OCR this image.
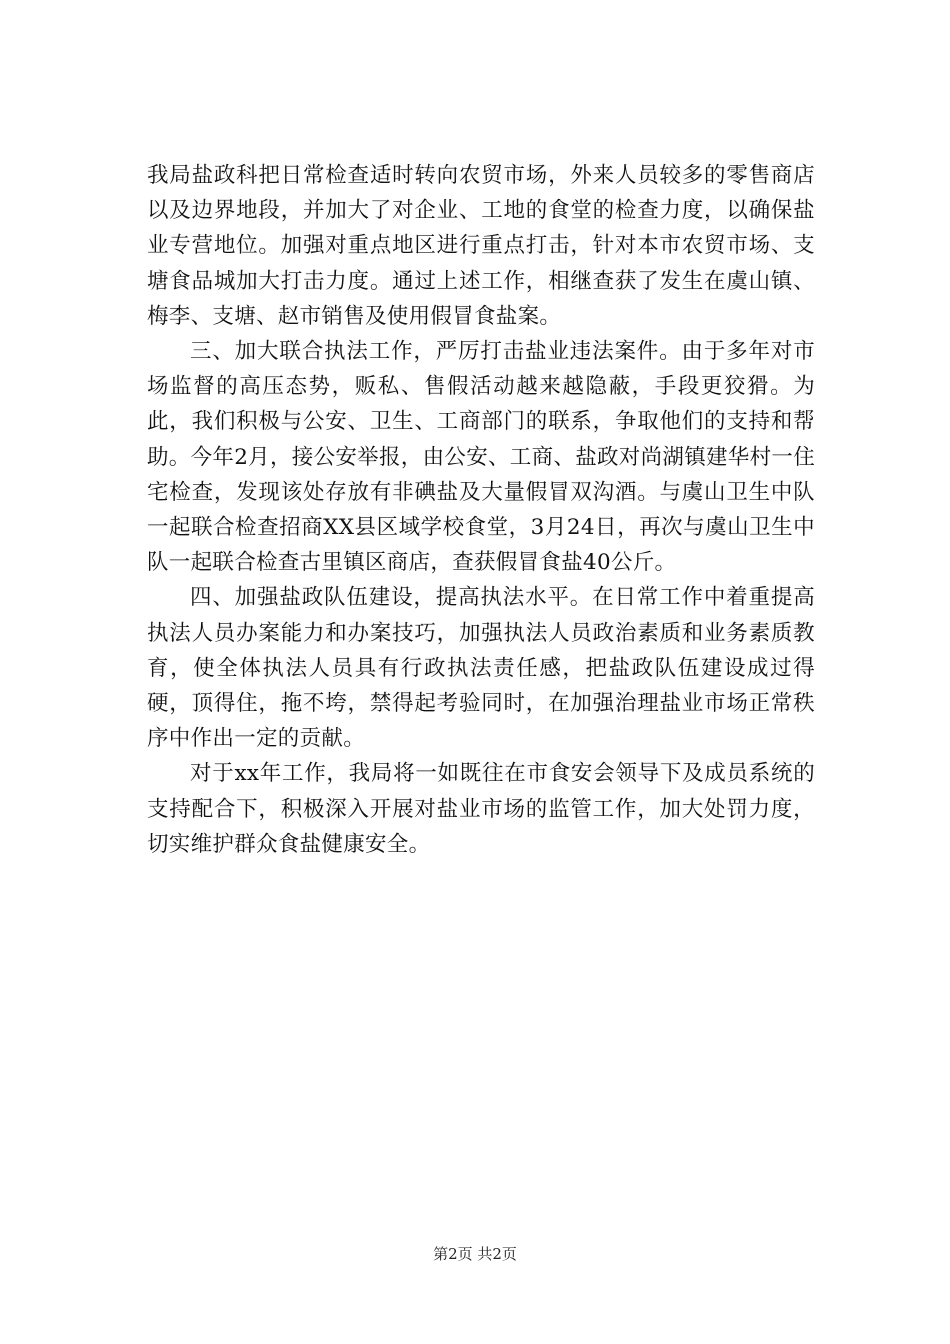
我局盐政科把日常检查适时转向农贸市场，外来人员较多的零售商店以及边界地段，并加大了对企业、工地的食堂的检查力度，以确保盐业专营地位。加强对重点地区进行重点打击，针对本市农贸市场、支塘食品城加大打击力度。通过上述工作，相继查获了发生在虞山镇、梅李、支塘、赵市销售及使用假冒食盐案。

三、加大联合执法工作，严厉打击盐业违法案件。由于多年对市场监督的高压态势，贩私、售假活动越来越隐蔽，手段更狡猾。为此，我们积极与公安、卫生、工商部门的联系，争取他们的支持和帮助。今年2月，接公安举报，由公安、工商、盐政对尚湖镇建华村一住宅检查，发现该处存放有非碘盐及大量假冒双沟酒。与虞山卫生中队一起联合检查招商XX县区域学校食堂，3月24日，再次与虞山卫生中队一起联合检查古里镇区商店，查获假冒食盐40公斤。

四、加强盐政队伍建设，提高执法水平。在日常工作中着重提高执法人员办案能力和办案技巧，加强执法人员政治素质和业务素质教育，使全体执法人员具有行政执法责任感，把盐政队伍建设成过得硬，顶得住，拖不垮，禁得起考验同时，在加强治理盐业市场正常秩序中作出一定的贡献。

对于xx年工作，我局将一如既往在市食安会领导下及成员系统的支持配合下，积极深入开展对盐业市场的监管工作，加大处罚力度，切实维护群众食盐健康安全。

第2页 共2页
